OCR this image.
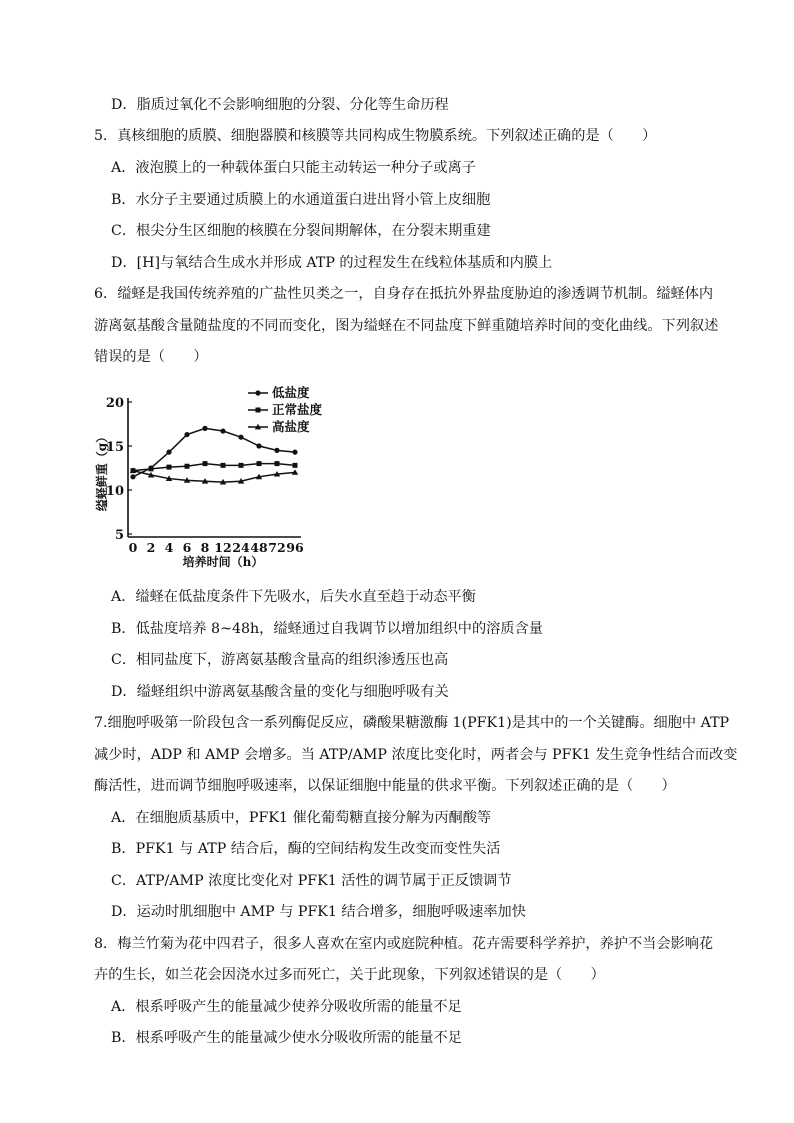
D．脂质过氧化不会影响细胞的分裂、分化等生命历程
5．真核细胞的质膜、细胞器膜和核膜等共同构成生物膜系统。下列叙述正确的是（　　）
A．液泡膜上的一种载体蛋白只能主动转运一种分子或离子
B．水分子主要通过质膜上的水通道蛋白进出肾小管上皮细胞
C．根尖分生区细胞的核膜在分裂间期解体，在分裂末期重建
D．[H]与氧结合生成水并形成 ATP 的过程发生在线粒体基质和内膜上
6．缢蛏是我国传统养殖的广盐性贝类之一，自身存在抵抗外界盐度胁迫的渗透调节机制。缢蛏体内
游离氨基酸含量随盐度的不同而变化，图为缢蛏在不同盐度下鲜重随培养时间的变化曲线。下列叙述
错误的是（　　）
5
10
15
20
0 2 4 6 8 12 24 48 72 96
缢蛏鲜重（g）
培养时间（h）
低盐度
正常盐度
高盐度
A．缢蛏在低盐度条件下先吸水，后失水直至趋于动态平衡
B．低盐度培养 8~48h，缢蛏通过自我调节以增加组织中的溶质含量
C．相同盐度下，游离氨基酸含量高的组织渗透压也高
D．缢蛏组织中游离氨基酸含量的变化与细胞呼吸有关
7.细胞呼吸第一阶段包含一系列酶促反应，磷酸果糖激酶 1(PFK1)是其中的一个关键酶。细胞中 ATP
减少时，ADP 和 AMP 会增多。当 ATP/AMP 浓度比变化时，两者会与 PFK1 发生竞争性结合而改变
酶活性，进而调节细胞呼吸速率，以保证细胞中能量的供求平衡。下列叙述正确的是（　　）
A．在细胞质基质中，PFK1 催化葡萄糖直接分解为丙酮酸等
B．PFK1 与 ATP 结合后，酶的空间结构发生改变而变性失活
C．ATP/AMP 浓度比变化对 PFK1 活性的调节属于正反馈调节
D．运动时肌细胞中 AMP 与 PFK1 结合增多，细胞呼吸速率加快
8．梅兰竹菊为花中四君子，很多人喜欢在室内或庭院种植。花卉需要科学养护，养护不当会影响花
卉的生长，如兰花会因浇水过多而死亡，关于此现象，下列叙述错误的是（　　）
A．根系呼吸产生的能量减少使养分吸收所需的能量不足
B．根系呼吸产生的能量减少使水分吸收所需的能量不足
